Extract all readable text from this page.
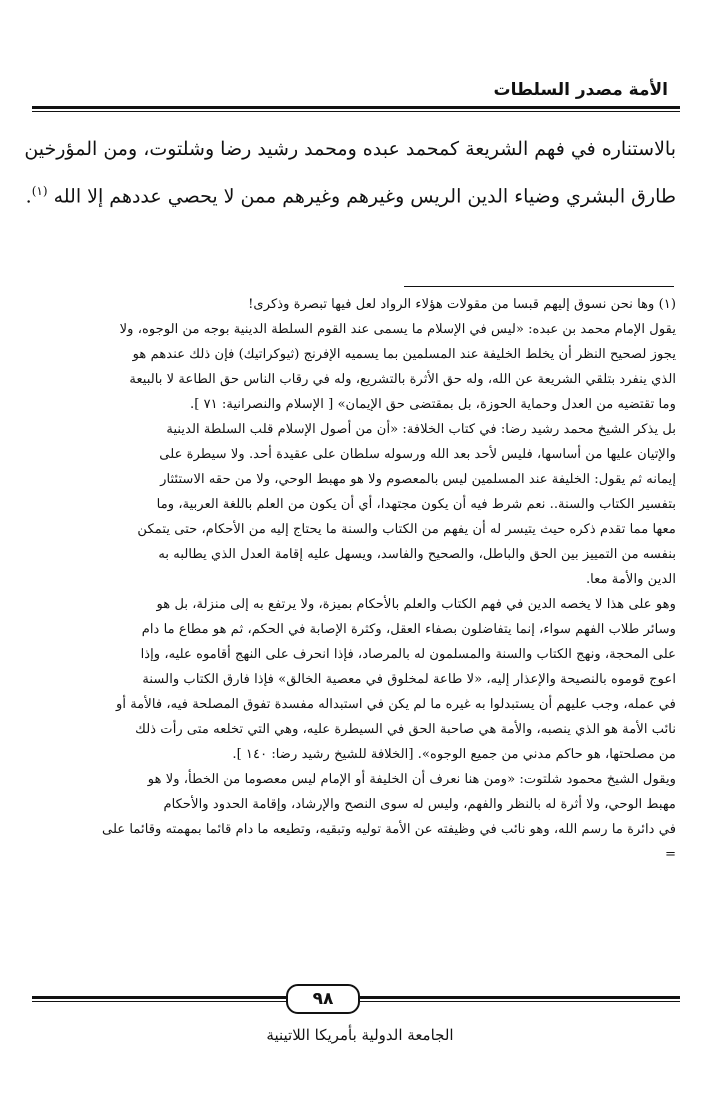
الأمة مصدر السلطات
بالاستناره في فهم الشريعة كمحمد عبده ومحمد رشيد رضا وشلتوت، ومن المؤرخين
طارق البشري وضياء الدين الريس وغيرهم وغيرهم ممن لا يحصي عددهم إلا الله $^{(١)}$.
(١) وها نحن نسوق إليهم قبسا من مقولات هؤلاء الرواد لعل فيها تبصرة وذكرى!
يقول الإمام محمد بن عبده: «ليس في الإسلام ما يسمى عند القوم السلطة الدينية بوجه من الوجوه، ولا
يجوز لصحيح النظر أن يخلط الخليفة عند المسلمين بما يسميه الإفرنج (ثيوكراتيك) فإن ذلك عندهم هو
الذي ينفرد بتلقي الشريعة عن الله، وله حق الأثرة بالتشريع، وله في رقاب الناس حق الطاعة لا بالبيعة
وما تقتضيه من العدل وحماية الحوزة، بل بمقتضى حق الإيمان» [ الإسلام والنصرانية: ٧١ ].
بل يذكر الشيخ محمد رشيد رضا: في كتاب الخلافة: «أن من أصول الإسلام قلب السلطة الدينية
والإتيان عليها من أساسها، فليس لأحد بعد الله ورسوله سلطان على عقيدة أحد. ولا سيطرة على
إيمانه ثم يقول: الخليفة عند المسلمين ليس بالمعصوم ولا هو مهبط الوحي، ولا من حقه الاستئثار
بتفسير الكتاب والسنة.. نعم شرط فيه أن يكون مجتهدا، أي أن يكون من العلم باللغة العربية، وما
معها مما تقدم ذكره حيث يتيسر له أن يفهم من الكتاب والسنة ما يحتاج إليه من الأحكام، حتى يتمكن
بنفسه من التمييز بين الحق والباطل، والصحيح والفاسد، ويسهل عليه إقامة العدل الذي يطالبه به
الدين والأمة معا.
وهو على هذا لا يخصه الدين في فهم الكتاب والعلم بالأحكام بميزة، ولا يرتفع به إلى منزلة، بل هو
وسائر طلاب الفهم سواء، إنما يتفاضلون بصفاء العقل، وكثرة الإصابة في الحكم، ثم هو مطاع ما دام
على المحجة، ونهج الكتاب والسنة والمسلمون له بالمرصاد، فإذا انحرف على النهج أقاموه عليه، وإذا
اعوج قوموه بالنصيحة والإعذار إليه، «لا طاعة لمخلوق في معصية الخالق» فإذا فارق الكتاب والسنة
في عمله، وجب عليهم أن يستبدلوا به غيره ما لم يكن في استبداله مفسدة تفوق المصلحة فيه، فالأمة أو
نائب الأمة هو الذي ينصبه، والأمة هي صاحبة الحق في السيطرة عليه، وهي التي تخلعه متى رأت ذلك
من مصلحتها، هو حاكم مدني من جميع الوجوه». [الخلافة للشيخ رشيد رضا: ١٤٠ ].
ويقول الشيخ محمود شلتوت: «ومن هنا نعرف أن الخليفة أو الإمام ليس معصوما من الخطأ، ولا هو
مهبط الوحي، ولا أثرة له بالنظر والفهم، وليس له سوى النصح والإرشاد، وإقامة الحدود والأحكام
في دائرة ما رسم الله، وهو نائب في وظيفته عن الأمة توليه وتبقيه، وتطيعه ما دام قائما بمهمته وقائما على
=
٩٨
الجامعة الدولية بأمريكا اللاتينية
